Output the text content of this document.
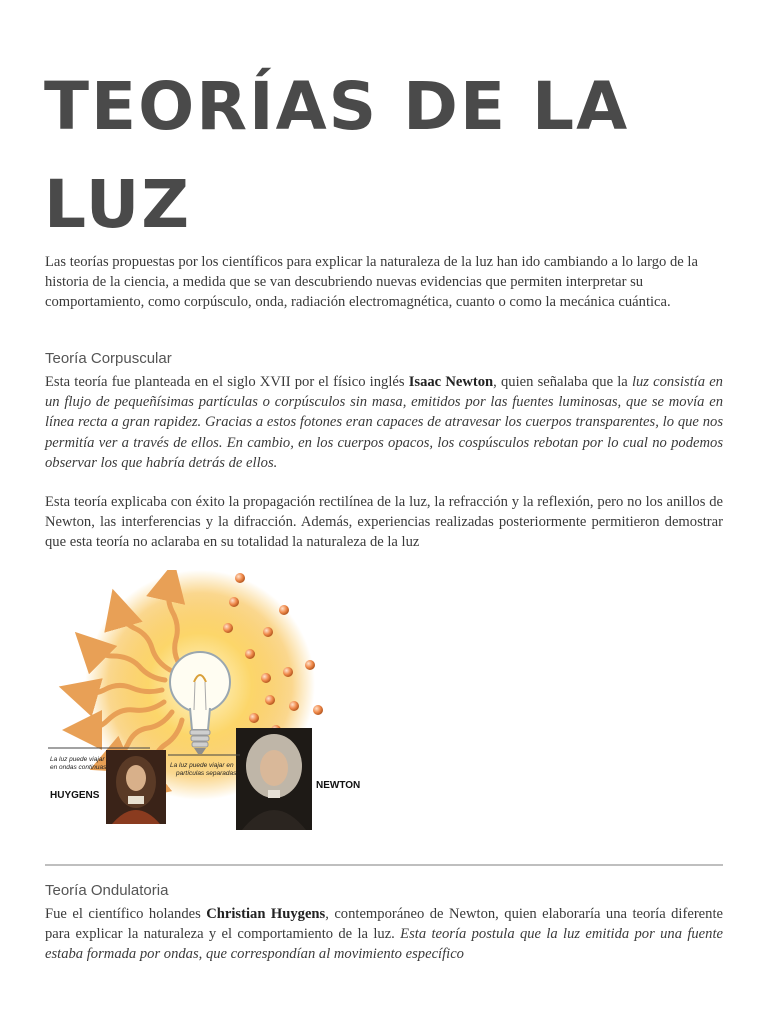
TEORÍAS DE LA LUZ

Las teorías propuestas por los científicos para explicar la naturaleza de la luz han ido cambiando a lo largo de la historia de la ciencia, a medida que se van descubriendo nuevas evidencias que permiten interpretar su comportamiento, como corpúsculo, onda, radiación electromagnética, cuanto o como la mecánica cuántica.

Teoría Corpuscular

Esta teoría fue planteada en el siglo XVII por el físico inglés Isaac Newton, quien señalaba que la luz consistía en un flujo de pequeñísimas partículas o corpúsculos sin masa, emitidos por las fuentes luminosas, que se movía en línea recta a gran rapidez. Gracias a estos fotones eran capaces de atravesar los cuerpos transparentes, lo que nos permitía ver a través de ellos. En cambio, en los cuerpos opacos, los cospúsculos rebotan por lo cual no podemos observar los que habría detrás de ellos.

Esta teoría explicaba con éxito la propagación rectilínea de la luz, la refracción y la reflexión, pero no los anillos de Newton, las interferencias y la difracción. Además, experiencias realizadas posteriormente permitieron demostrar que esta teoría no aclaraba en su totalidad la naturaleza de la luz

La luz puede viajar
en ondas continuas	La luz puede viajar en
partículas separadas
HUYGENS
NEWTON
Teoría Ondulatoria

Fue el científico holandes Christian Huygens, contemporáneo de Newton, quien elaboraría una teoría diferente para explicar la naturaleza y el comportamiento de la luz. Esta teoría postula que la luz emitida por una fuente estaba formada por ondas, que correspondían al movimiento específico
